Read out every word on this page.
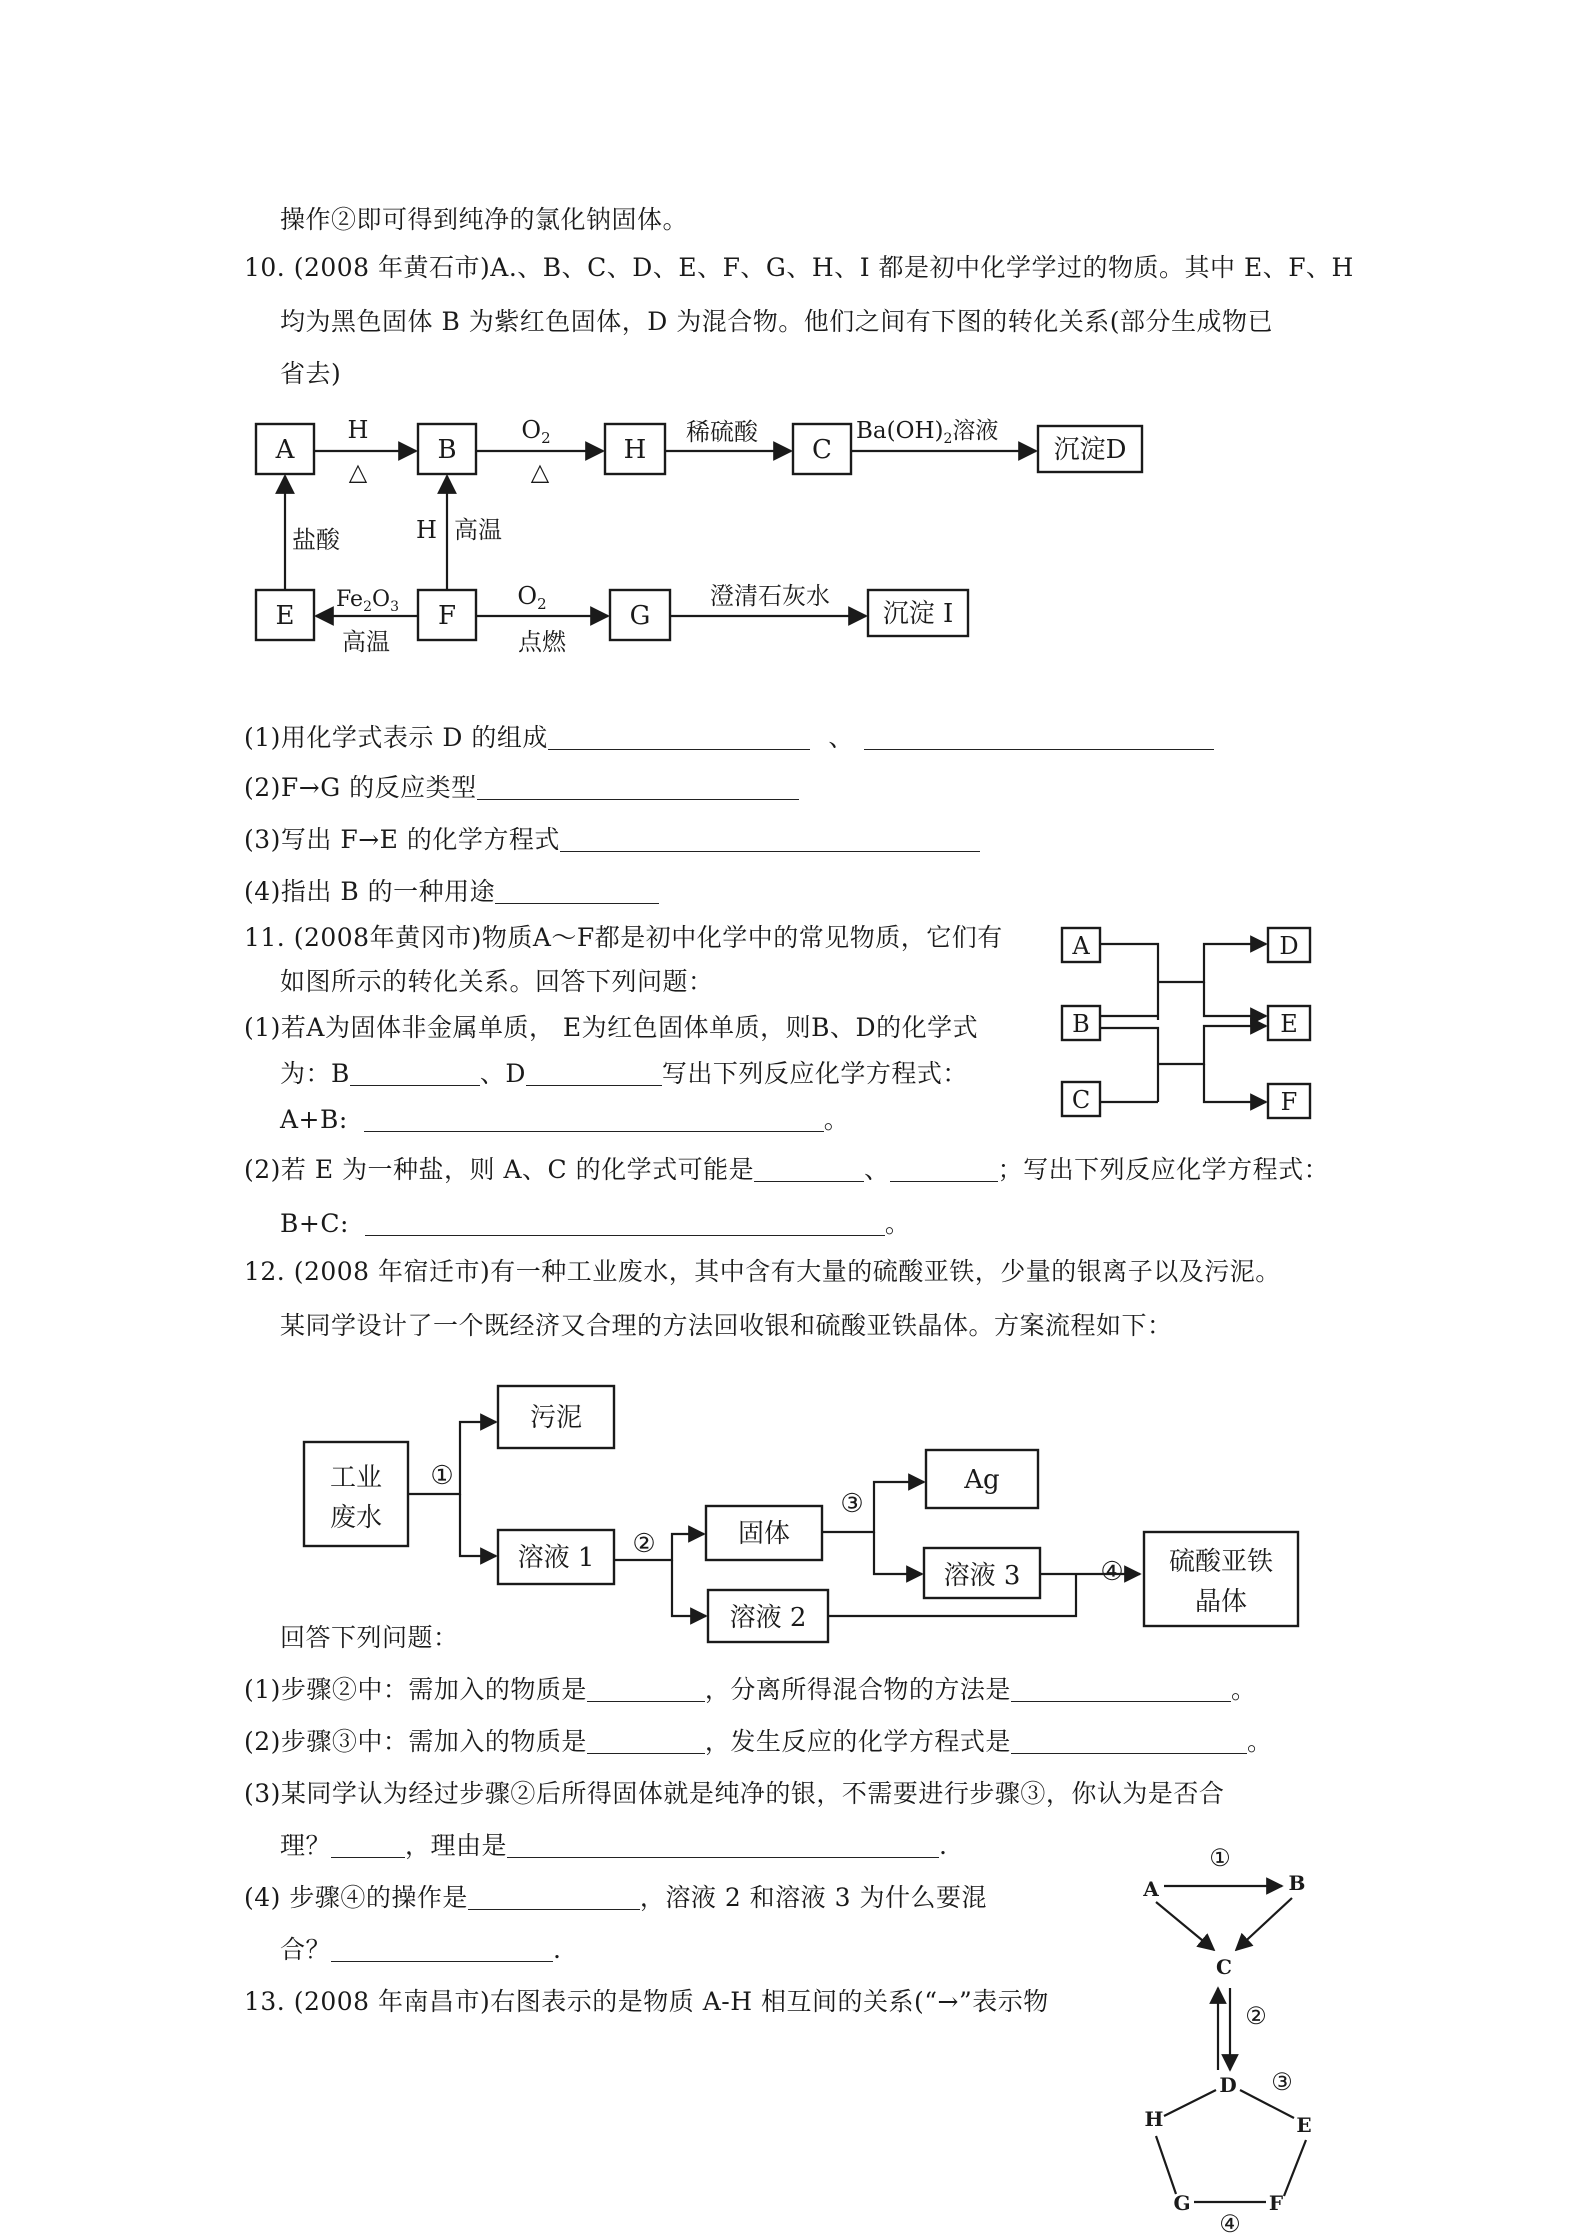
操作②即可得到纯净的氯化钠固体。
10. (2008 年黄石市)A.、B、C、D、E、F、G、H、I 都是初中化学学过的物质。其中 E、F、H
均为黑色固体 B 为紫红色固体，D 为混合物。他们之间有下图的转化关系(部分生成物已
省去)
A	B	H	C	沉淀D
H
△
$O_2$
△
稀硫酸	$Ba(OH)_2$溶液
E	F	G	沉淀 I
盐酸	H 高温
$Fe_2O_3$
高温
$O_2$
点燃
澄清石灰水
(1)用化学式表示 D 的组成	、
(2)F→G 的反应类型
(3)写出 F→E 的化学方程式
(4)指出 B 的一种用途
11. (2008年黄冈市)物质A～F都是初中化学中的常见物质，它们有
如图所示的转化关系。回答下列问题：
(1)若A为固体非金属单质， E为红色固体单质，则B、D的化学式
为：B	、D	写出下列反应化学方程式：
A+B:	。
(2)若 E 为一种盐，则 A、C 的化学式可能是	、	；写出下列反应化学方程式：
B+C:	。
A
B
C
D
E
F
12. (2008 年宿迁市)有一种工业废水，其中含有大量的硫酸亚铁，少量的银离子以及污泥。
某同学设计了一个既经济又合理的方法回收银和硫酸亚铁晶体。方案流程如下：
工业
废水
①
污泥
溶液 1 ②	固体
溶液 2
③
Ag
溶液 3	④ 硫酸亚铁
晶体
回答下列问题：
(1)步骤②中：需加入的物质是	，分离所得混合物的方法是	。
(2)步骤③中：需加入的物质是	，发生反应的化学方程式是	。
(3)某同学认为经过步骤②后所得固体就是纯净的银，不需要进行步骤③，你认为是否合
理？	，理由是	.
(4) 步骤④的操作是	，溶液 2 和溶液 3 为什么要混
合？	.
13. (2008 年南昌市)右图表示的是物质 A-H 相互间的关系(“→”表示物
①
A	B
C
②
D ③
H	E
G	F
④
